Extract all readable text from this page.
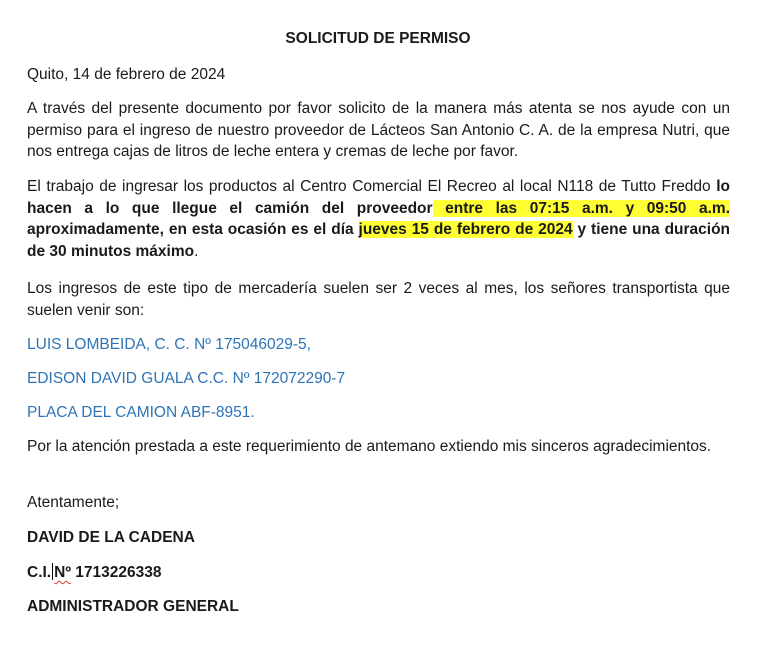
SOLICITUD DE PERMISO

Quito, 14 de febrero de 2024

A través del presente documento por favor solicito de la manera más atenta se nos ayude con un permiso para el ingreso de nuestro proveedor de Lácteos San Antonio C. A. de la empresa Nutri, que nos entrega cajas de litros de leche entera y cremas de leche por favor.

El trabajo de ingresar los productos al Centro Comercial El Recreo al local N118 de Tutto Freddo lo hacen a lo que llegue el camión del proveedor entre las 07:15 a.m. y 09:50 a.m. aproximadamente, en esta ocasión es el día jueves 15 de febrero de 2024 y tiene una duración de 30 minutos máximo.

Los ingresos de este tipo de mercadería suelen ser 2 veces al mes, los señores transportista que suelen venir son:

LUIS LOMBEIDA, C. C. Nº 175046029-5,

EDISON DAVID GUALA C.C. Nº 172072290-7

PLACA DEL CAMION ABF-8951.

Por la atención prestada a este requerimiento de antemano extiendo mis sinceros agradecimientos.

Atentamente;

DAVID DE LA CADENA

C.I. Nº 1713226338

ADMINISTRADOR GENERAL
